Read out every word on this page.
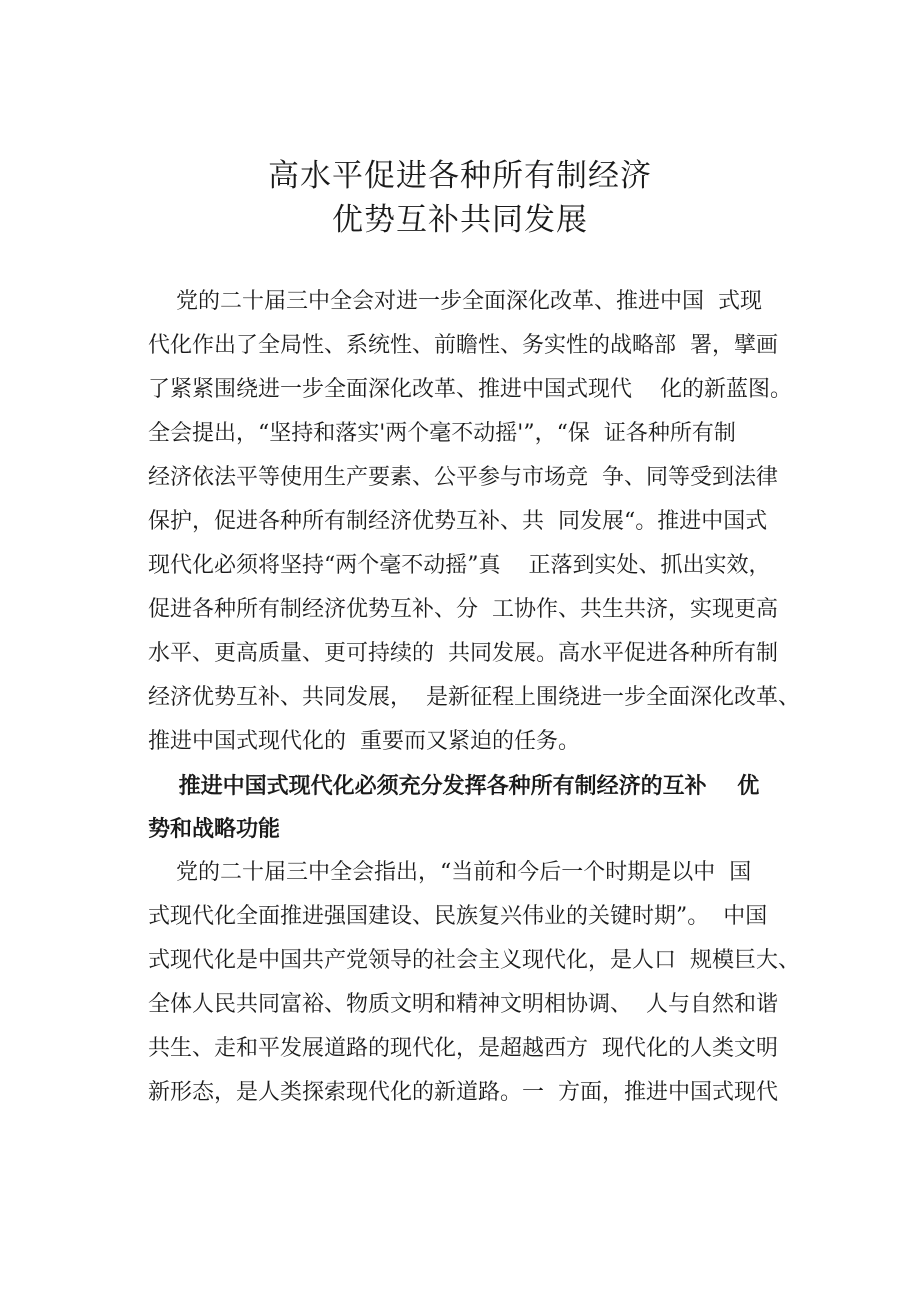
高水平促进各种所有制经济
优势互补共同发展
党的二十届三中全会对进一步全面深化改革、推进中国  式现
代化作出了全局性、系统性、前瞻性、务实性的战略部  署，擘画
了紧紧围绕进一步全面深化改革、推进中国式现代    化的新蓝图。
全会提出，“坚持和落实'两个毫不动摇'”，“保  证各种所有制
经济依法平等使用生产要素、公平参与市场竞  争、同等受到法律
保护，促进各种所有制经济优势互补、共  同发展“。推进中国式
现代化必须将坚持“两个毫不动摇”真    正落到实处、抓出实效，
促进各种所有制经济优势互补、分  工协作、共生共济，实现更高
水平、更高质量、更可持续的  共同发展。高水平促进各种所有制
经济优势互补、共同发展，  是新征程上围绕进一步全面深化改革、
推进中国式现代化的  重要而又紧迫的任务。
推进中国式现代化必须充分发挥各种所有制经济的互补    优
势和战略功能
党的二十届三中全会指出，“当前和今后一个时期是以中  国
式现代化全面推进强国建设、民族复兴伟业的关键时期”。  中国
式现代化是中国共产党领导的社会主义现代化，是人口  规模巨大、
全体人民共同富裕、物质文明和精神文明相协调、  人与自然和谐
共生、走和平发展道路的现代化，是超越西方  现代化的人类文明
新形态，是人类探索现代化的新道路。一  方面，推进中国式现代
